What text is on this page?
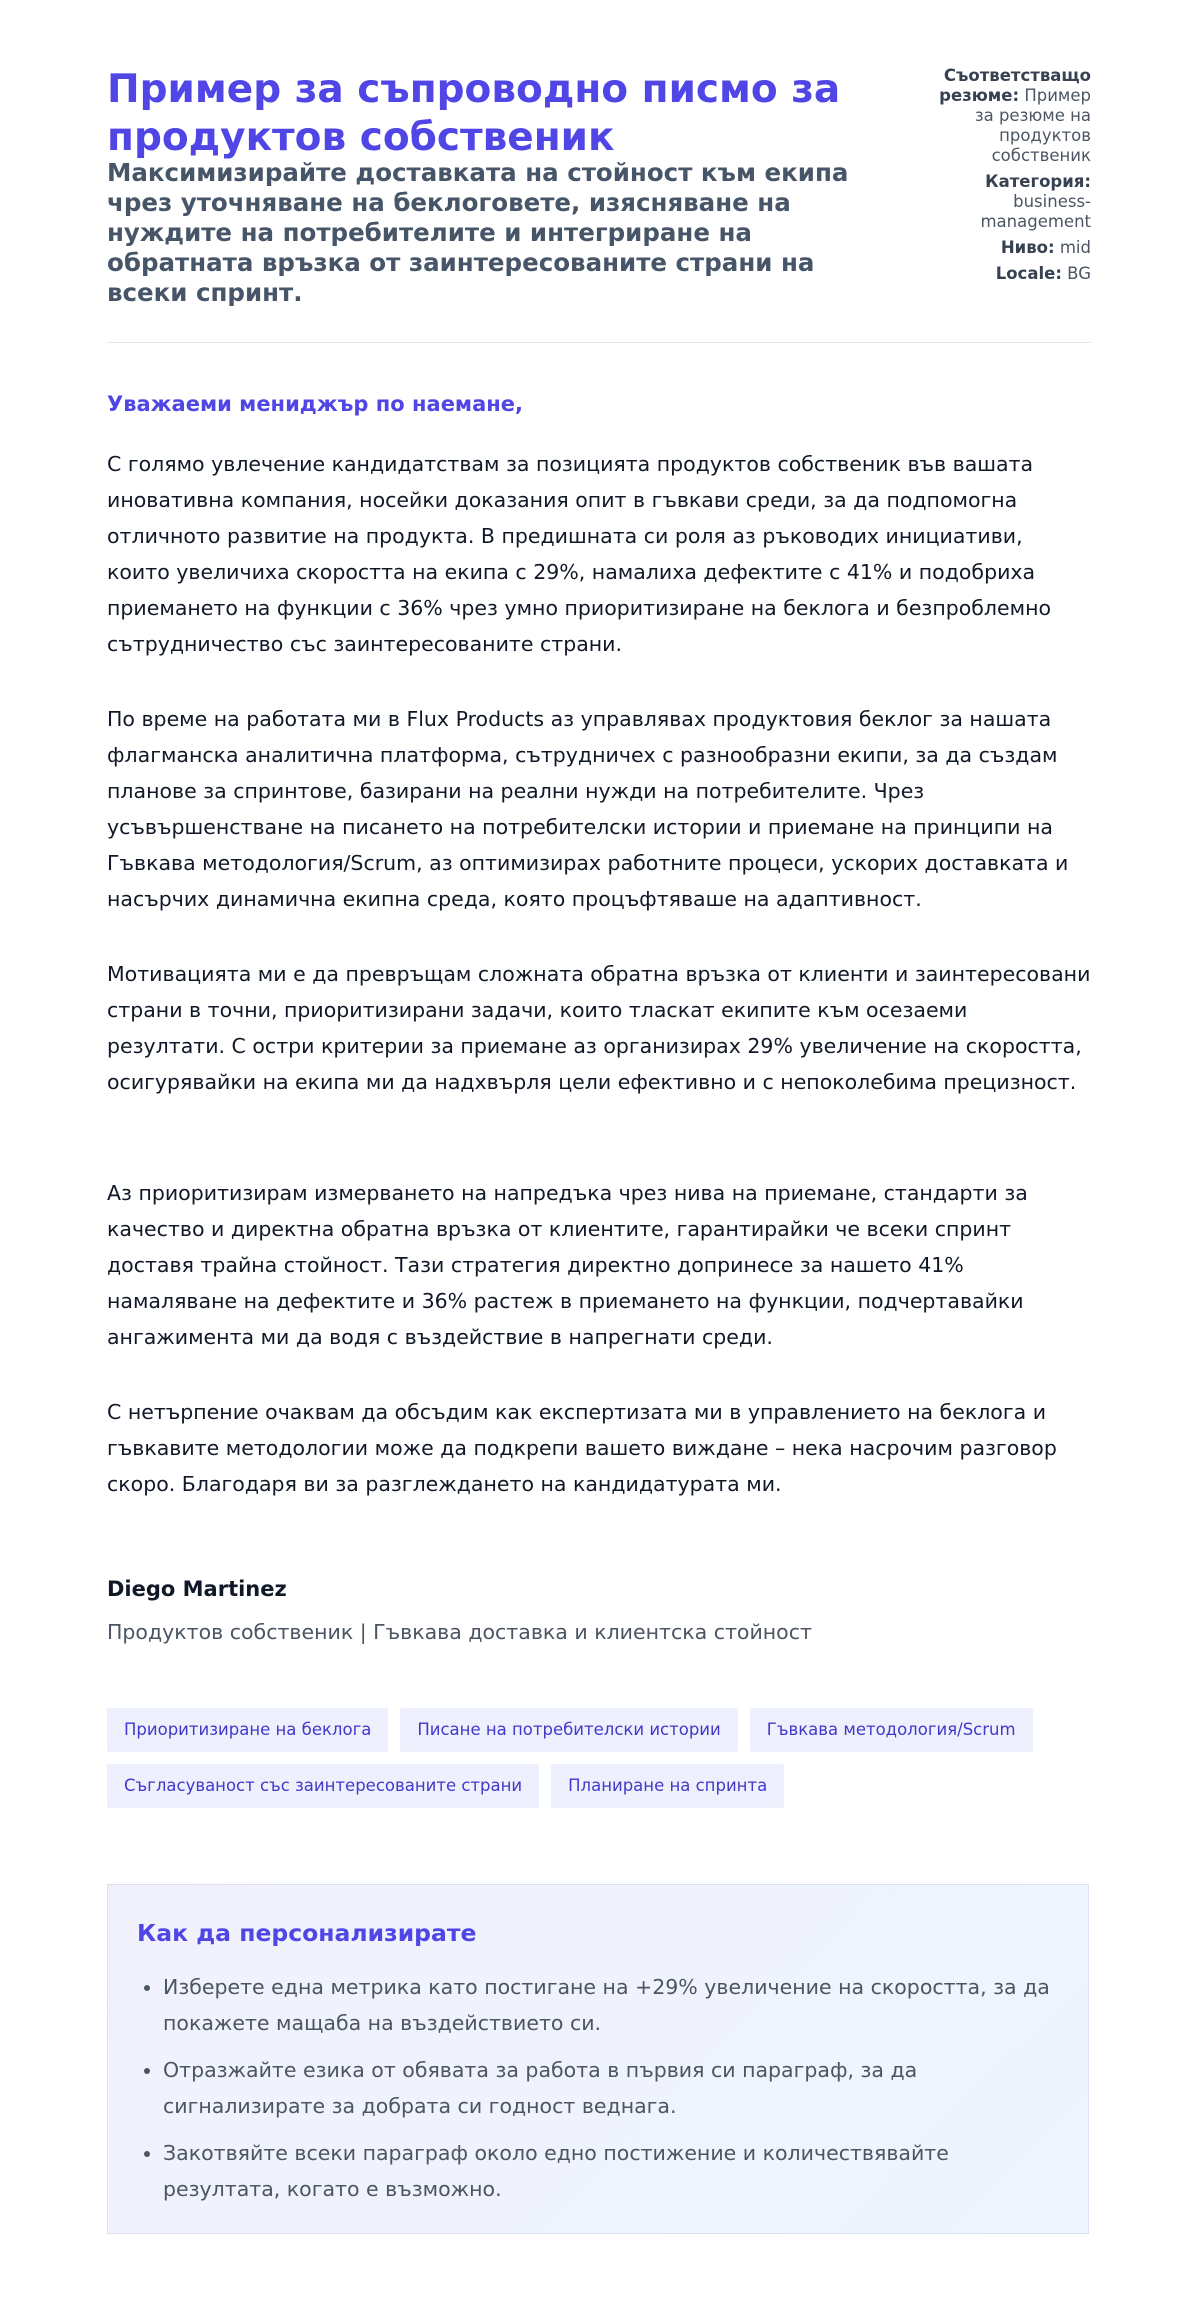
Пример за съпроводно писмо за продуктов собственик
Максимизирайте доставката на стойност към екипа чрез уточняване на беклоговете, изясняване на нуждите на потребителите и интегриране на обратната връзка от заинтересованите страни на всеки спринт.
Съответстващо резюме: Пример за резюме на продуктов собственик
Категория: business-management
Ниво: mid
Locale: BG

Уважаеми мениджър по наемане,

С голямо увлечение кандидатствам за позицията продуктов собственик във вашата иновативна компания, носейки доказания опит в гъвкави среди, за да подпомогна отличното развитие на продукта. В предишната си роля аз ръководих инициативи, които увеличиха скоростта на екипа с 29%, намалиха дефектите с 41% и подобриха приемането на функции с 36% чрез умно приоритизиране на беклога и безпроблемно сътрудничество със заинтересованите страни.

По време на работата ми в Flux Products аз управлявах продуктовия беклог за нашата флагманска аналитична платформа, сътрудничех с разнообразни екипи, за да създам планове за спринтове, базирани на реални нужди на потребителите. Чрез усъвършенстване на писането на потребителски истории и приемане на принципи на Гъвкава методология/Scrum, аз оптимизирах работните процеси, ускорих доставката и насърчих динамична екипна среда, която процъфтяваше на адаптивност.

Мотивацията ми е да превръщам сложната обратна връзка от клиенти и заинтересовани страни в точни, приоритизирани задачи, които тласкат екипите към осезаеми резултати. С остри критерии за приемане аз организирах 29% увеличение на скоростта, осигурявайки на екипа ми да надхвърля цели ефективно и с непоколебима прецизност.

Аз приоритизирам измерването на напредъка чрез нива на приемане, стандарти за качество и директна обратна връзка от клиентите, гарантирайки че всеки спринт доставя трайна стойност. Тази стратегия директно допринесе за нашето 41% намаляване на дефектите и 36% растеж в приемането на функции, подчертавайки ангажимента ми да водя с въздействие в напрегнати среди.

С нетърпение очаквам да обсъдим как експертизата ми в управлението на беклога и гъвкавите методологии може да подкрепи вашето виждане – нека насрочим разговор скоро. Благодаря ви за разглеждането на кандидатурата ми.

Diego Martinez

Продуктов собственик | Гъвкава доставка и клиентска стойност

Приоритизиране на беклога	Писане на потребителски истории	Гъвкава методология/Scrum
Съгласуваност със заинтересованите страни	Планиране на спринта
Как да персонализирате
• Изберете една метрика като постигане на +29% увеличение на скоростта, за да покажете мащаба на въздействието си.
• Отразжайте езика от обявата за работа в първия си параграф, за да сигнализирате за добрата си годност веднага.
• Закотвяйте всеки параграф около едно постижение и количествявайте резултата, когато е възможно.
